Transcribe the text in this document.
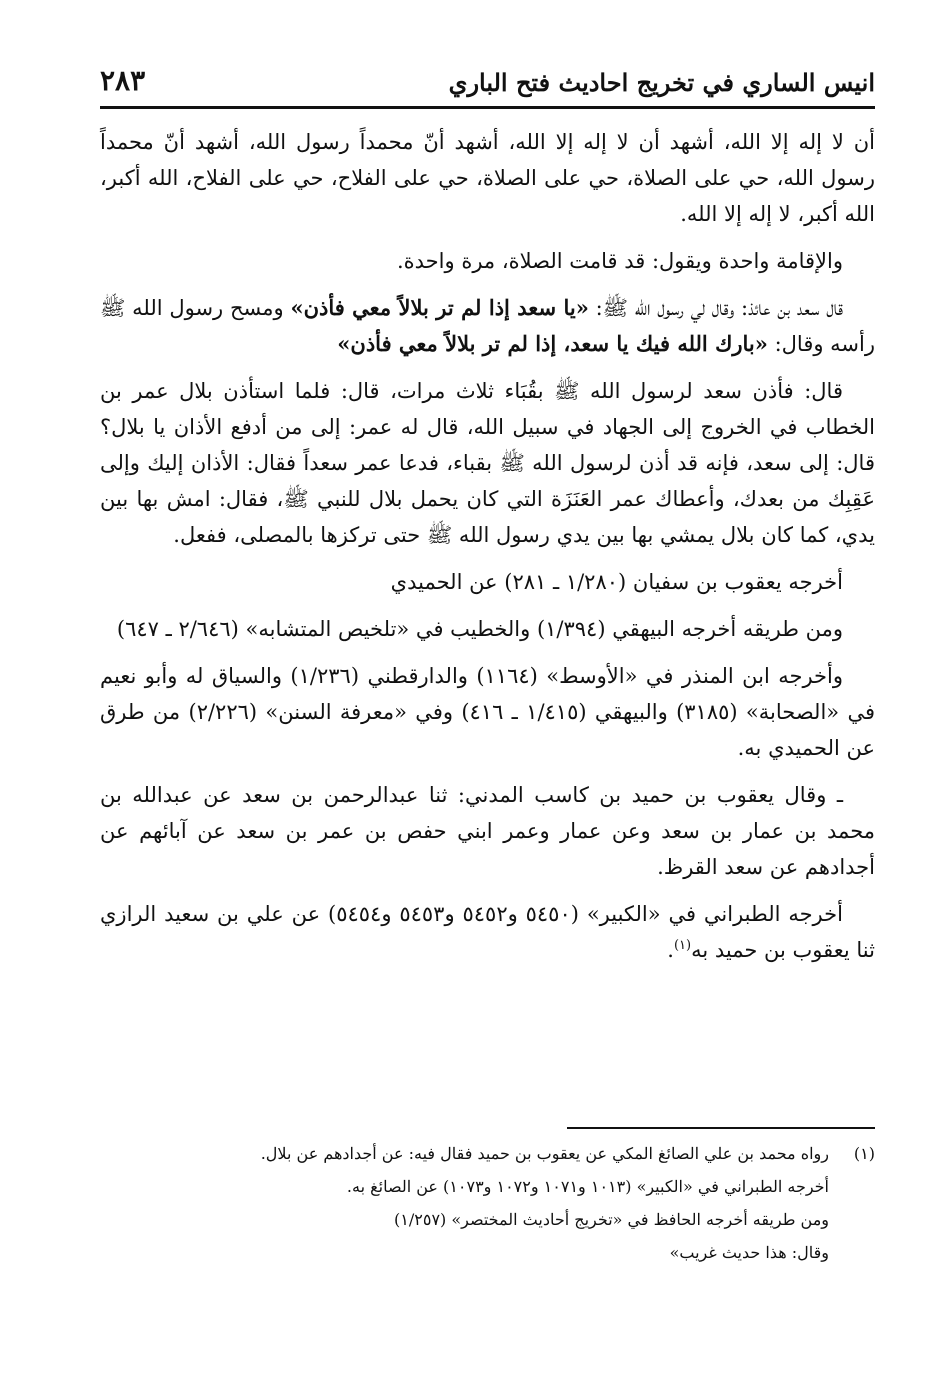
انيس الساري في تخريج احاديث فتح الباري
٢٨٣

أن لا إله إلا الله، أشهد أن لا إله إلا الله، أشهد أنّ محمداً رسول الله، أشهد أنّ محمداً رسول الله، حي على الصلاة، حي على الصلاة، حي على الفلاح، حي على الفلاح، الله أكبر، الله أكبر، لا إله إلا الله.

والإقامة واحدة ويقول: قد قامت الصلاة، مرة واحدة.

قال سعد بن عائذ: وقال لي رسول الله ﷺ: «يا سعد إذا لم تر بلالاً معي فأذن» ومسح رسول الله ﷺ رأسه وقال: «بارك الله فيك يا سعد، إذا لم تر بلالاً معي فأذن»

قال: فأذن سعد لرسول الله ﷺ بقُبَاء ثلاث مرات، قال: فلما استأذن بلال عمر بن الخطاب في الخروج إلى الجهاد في سبيل الله، قال له عمر: إلى من أدفع الأذان يا بلال؟ قال: إلى سعد، فإنه قد أذن لرسول الله ﷺ بقباء، فدعا عمر سعداً فقال: الأذان إليك وإلى عَقِبِك من بعدك، وأعطاك عمر العَنَزَة التي كان يحمل بلال للنبي ﷺ، فقال: امش بها بين يدي، كما كان بلال يمشي بها بين يدي رسول الله ﷺ حتى تركزها بالمصلى، ففعل.

أخرجه يعقوب بن سفيان (١/٢٨٠ ـ ٢٨١) عن الحميدي

ومن طريقه أخرجه البيهقي (١/٣٩٤) والخطيب في «تلخيص المتشابه» (٢/٦٤٦ ـ ٦٤٧)

وأخرجه ابن المنذر في «الأوسط» (١١٦٤) والدارقطني (١/٢٣٦) والسياق له وأبو نعيم في «الصحابة» (٣١٨٥) والبيهقي (١/٤١٥ ـ ٤١٦) وفي «معرفة السنن» (٢/٢٢٦) من طرق عن الحميدي به.

ـ وقال يعقوب بن حميد بن كاسب المدني: ثنا عبدالرحمن بن سعد عن عبدالله بن محمد بن عمار بن سعد وعن عمار وعمر ابني حفص بن عمر بن سعد عن آبائهم عن أجدادهم عن سعد القرظ.

أخرجه الطبراني في «الكبير» (٥٤٥٠ و٥٤٥٢ و٥٤٥٣ و٥٤٥٤) عن علي بن سعيد الرازي ثنا يعقوب بن حميد به$^{(١)}$.

(١)
رواه محمد بن علي الصائغ المكي عن يعقوب بن حميد فقال فيه: عن أجدادهم عن بلال.
أخرجه الطبراني في «الكبير» (١٠١٣ و١٠٧١ و١٠٧٢ و١٠٧٣) عن الصائغ به.
ومن طريقه أخرجه الحافظ في «تخريج أحاديث المختصر» (١/٢٥٧)
وقال: هذا حديث غريب»
